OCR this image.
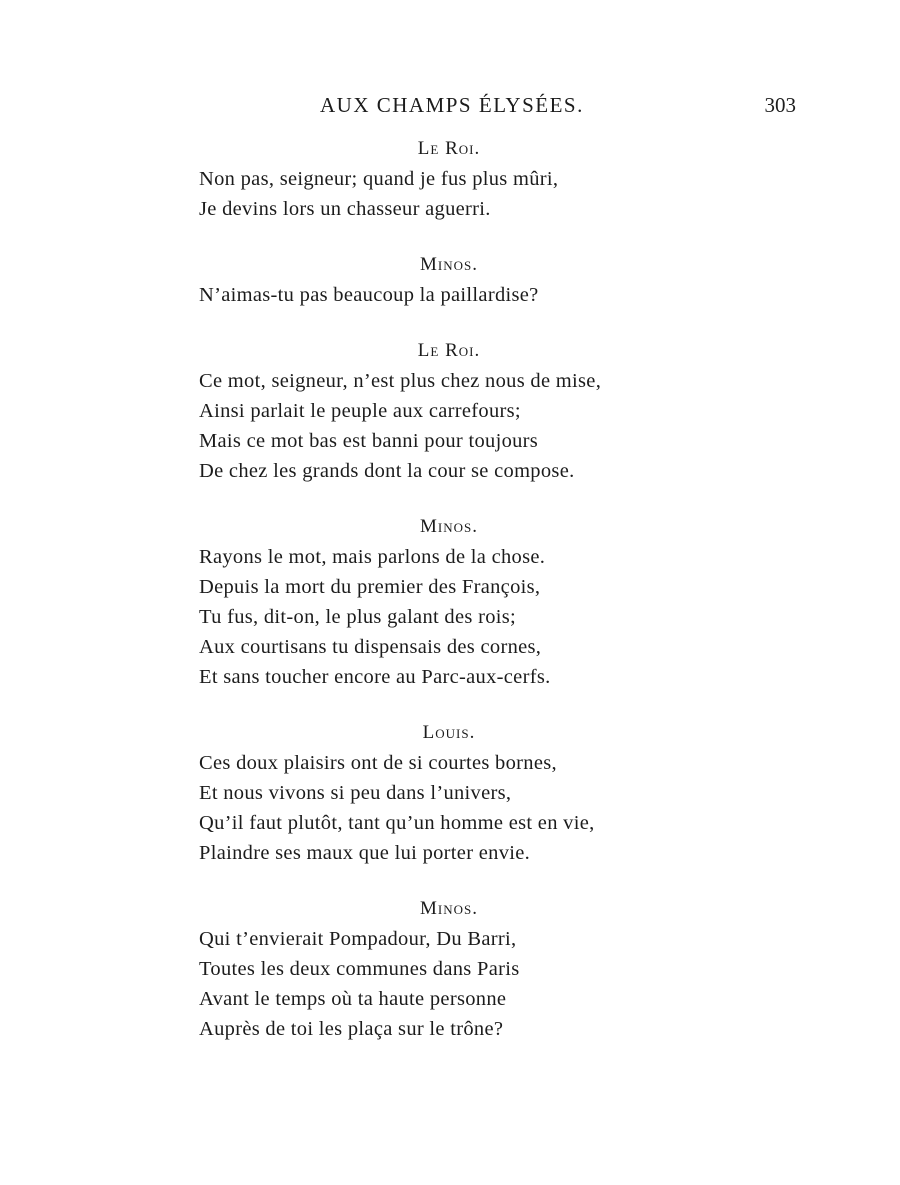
AUX CHAMPS ÉLYSÉES.	303
Le Roi.
Non pas, seigneur; quand je fus plus mûri,
Je devins lors un chasseur aguerri.
Minos.
N’aimas-tu pas beaucoup la paillardise?
Le Roi.
Ce mot, seigneur, n’est plus chez nous de mise,
Ainsi parlait le peuple aux carrefours;
Mais ce mot bas est banni pour toujours
De chez les grands dont la cour se compose.
Minos.
Rayons le mot, mais parlons de la chose.
Depuis la mort du premier des François,
Tu fus, dit-on, le plus galant des rois;
Aux courtisans tu dispensais des cornes,
Et sans toucher encore au Parc-aux-cerfs.
Louis.
Ces doux plaisirs ont de si courtes bornes,
Et nous vivons si peu dans l’univers,
Qu’il faut plutôt, tant qu’un homme est en vie,
Plaindre ses maux que lui porter envie.
Minos.
Qui t’envierait Pompadour, Du Barri,
Toutes les deux communes dans Paris
Avant le temps où ta haute personne
Auprès de toi les plaça sur le trône?
